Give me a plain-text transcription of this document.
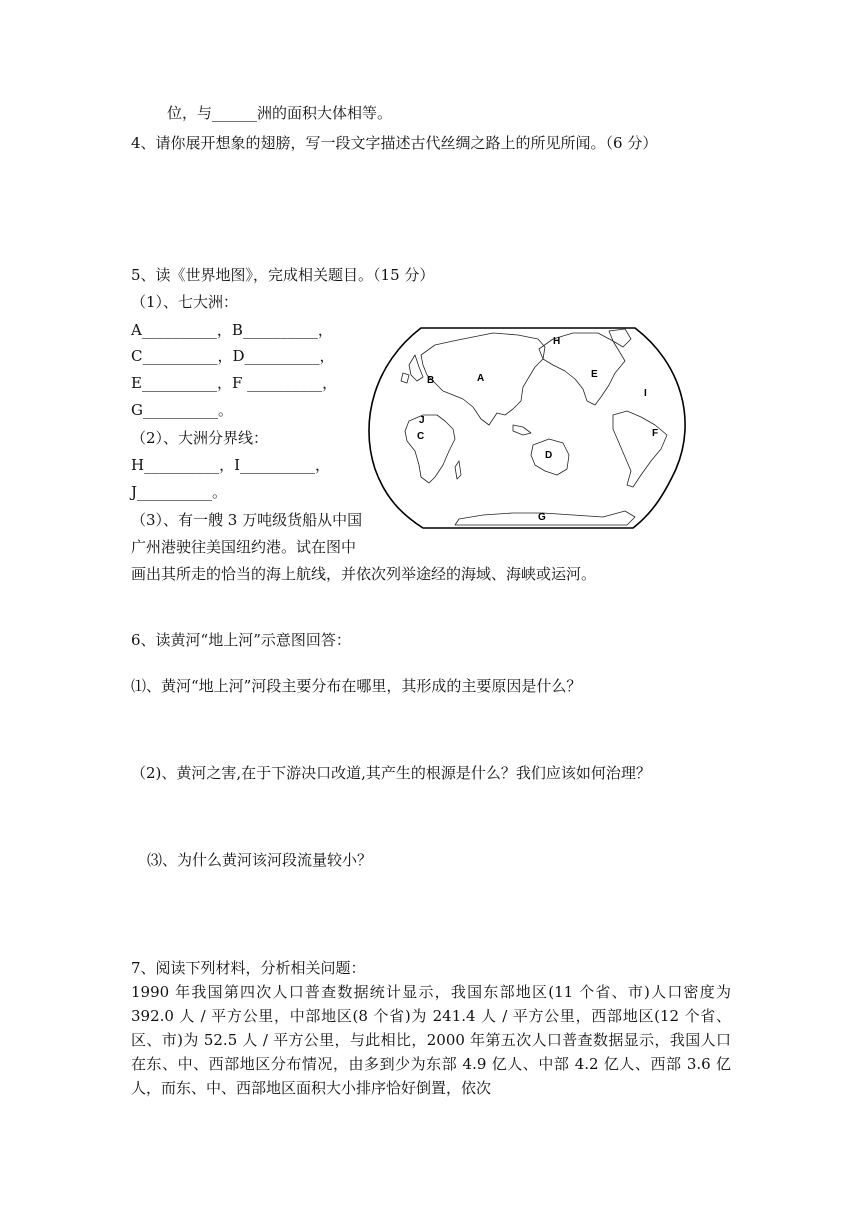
位，与______洲的面积大体相等。
4、请你展开想象的翅膀，写一段文字描述古代丝绸之路上的所见所闻。（6 分）
5、读《世界地图》，完成相关题目。（15 分）
（1）、七大洲：
A__________，B__________，
C__________，D__________，
E__________，F __________，
G__________。
（2）、大洲分界线：
H__________，I__________，
J__________。
（3）、有一艘 3 万吨级货船从中国
广州港驶往美国纽约港。试在图中
画出其所走的恰当的海上航线，并依次列举途经的海域、海峡或运河。
A
B
C
D
E
F
G
H
I
J
6、读黄河“地上河”示意图回答：
⑴、黄河“地上河”河段主要分布在哪里，其形成的主要原因是什么？
（2)、黄河之害,在于下游决口改道,其产生的根源是什么？我们应该如何治理？
⑶、为什么黄河该河段流量较小？
7、阅读下列材料，分析相关问题：
1990 年我国第四次人口普查数据统计显示，我国东部地区(11 个省、市)人口密度为 392.0 人 / 平方公里，中部地区(8 个省)为 241.4 人 / 平方公里，西部地区(12 个省、区、市)为 52.5 人 / 平方公里，与此相比，2000 年第五次人口普查数据显示，我国人口在东、中、西部地区分布情况，由多到少为东部 4.9 亿人、中部 4.2 亿人、西部 3.6 亿人，而东、中、西部地区面积大小排序恰好倒置，依次
